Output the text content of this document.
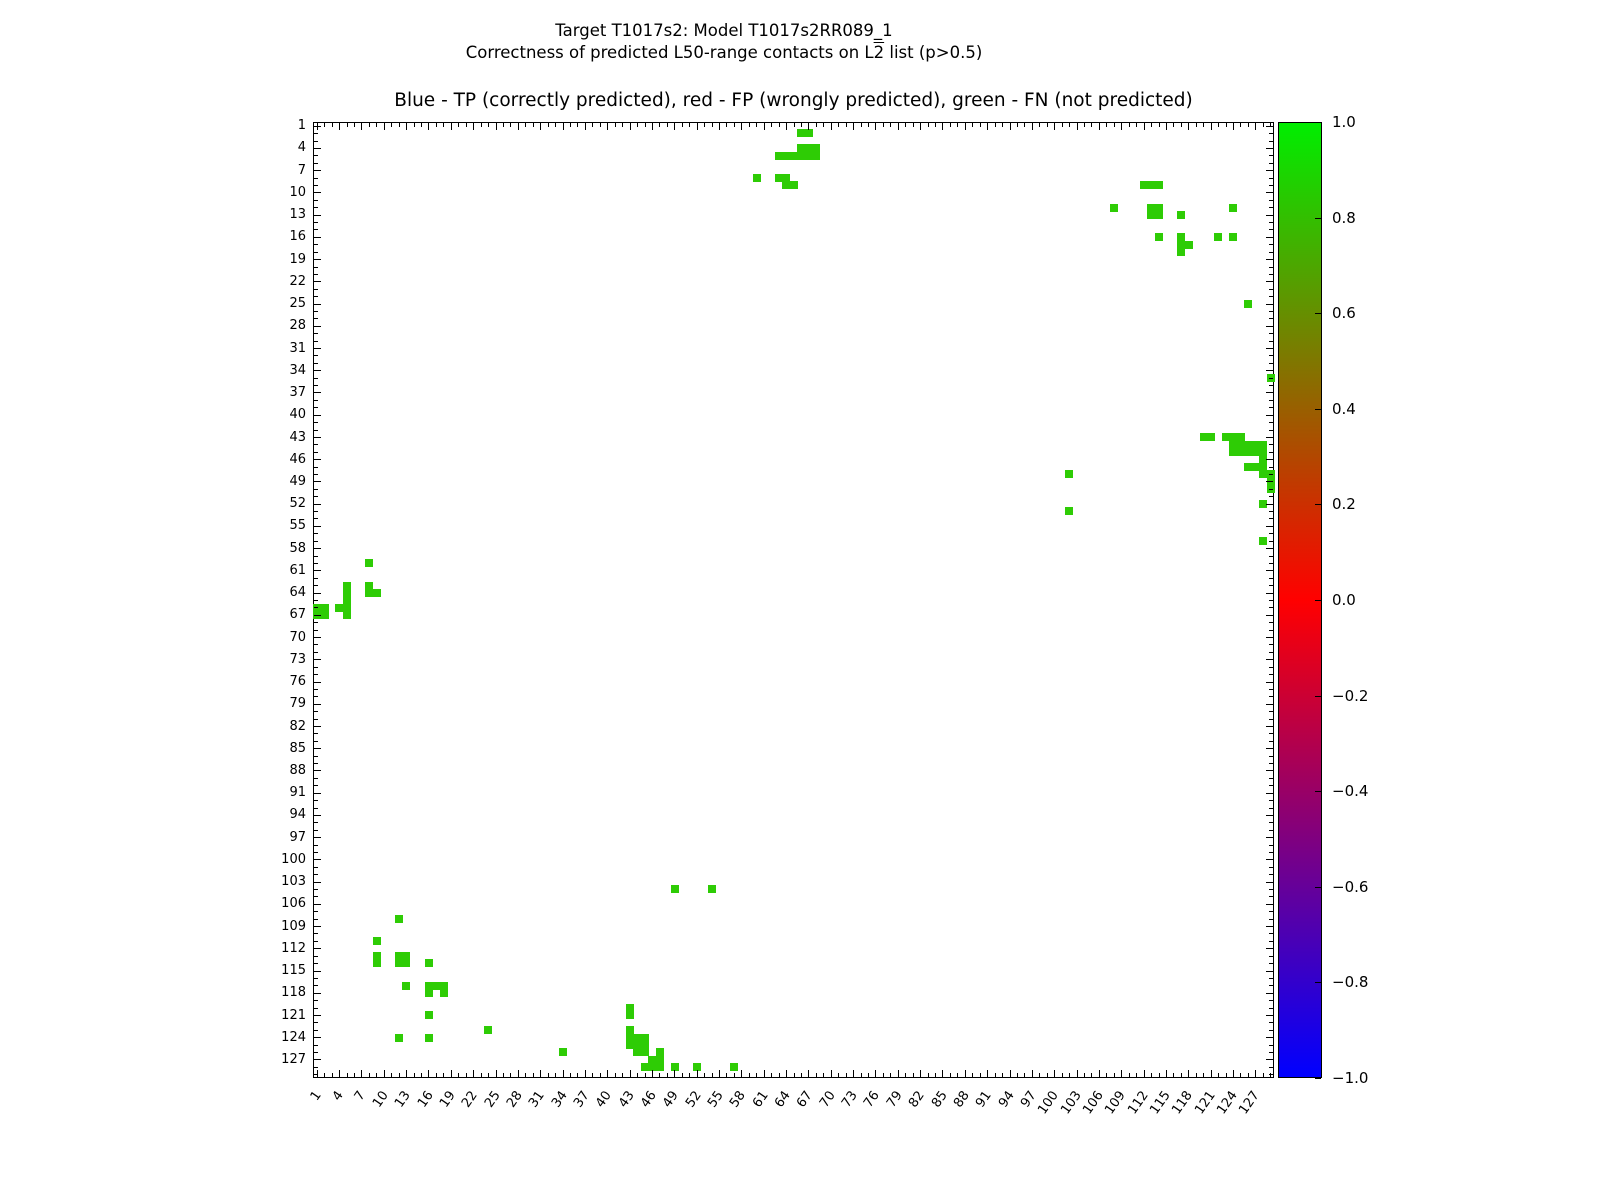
Target T1017s2: Model T1017s2RR089_1
Correctness of predicted L50-range contacts on L2 list (p>0.5)
Blue - TP (correctly predicted), red - FP (wrongly predicted), green - FN (not predicted)
1
4
7
10
13
16
19
22
25
28
31
34
37
40
43
46
49
52
55
58
61
64
67
70
73
76
79
82
85
88
91
94
97
100
103
106
109
112
115
118
121
124
127
1 4 7 10 13 16 19 22 25 28 31 34 37 40 43 46 49 52 55 58 61 64 67 70 73 76 79 82 85 88 91 94 97
100
103
106
109
112
115
118
121
124
127
1.0
0.8
0.6
0.4
0.2
0.0
−0.2
−0.4
−0.6
−0.8
−1.0
